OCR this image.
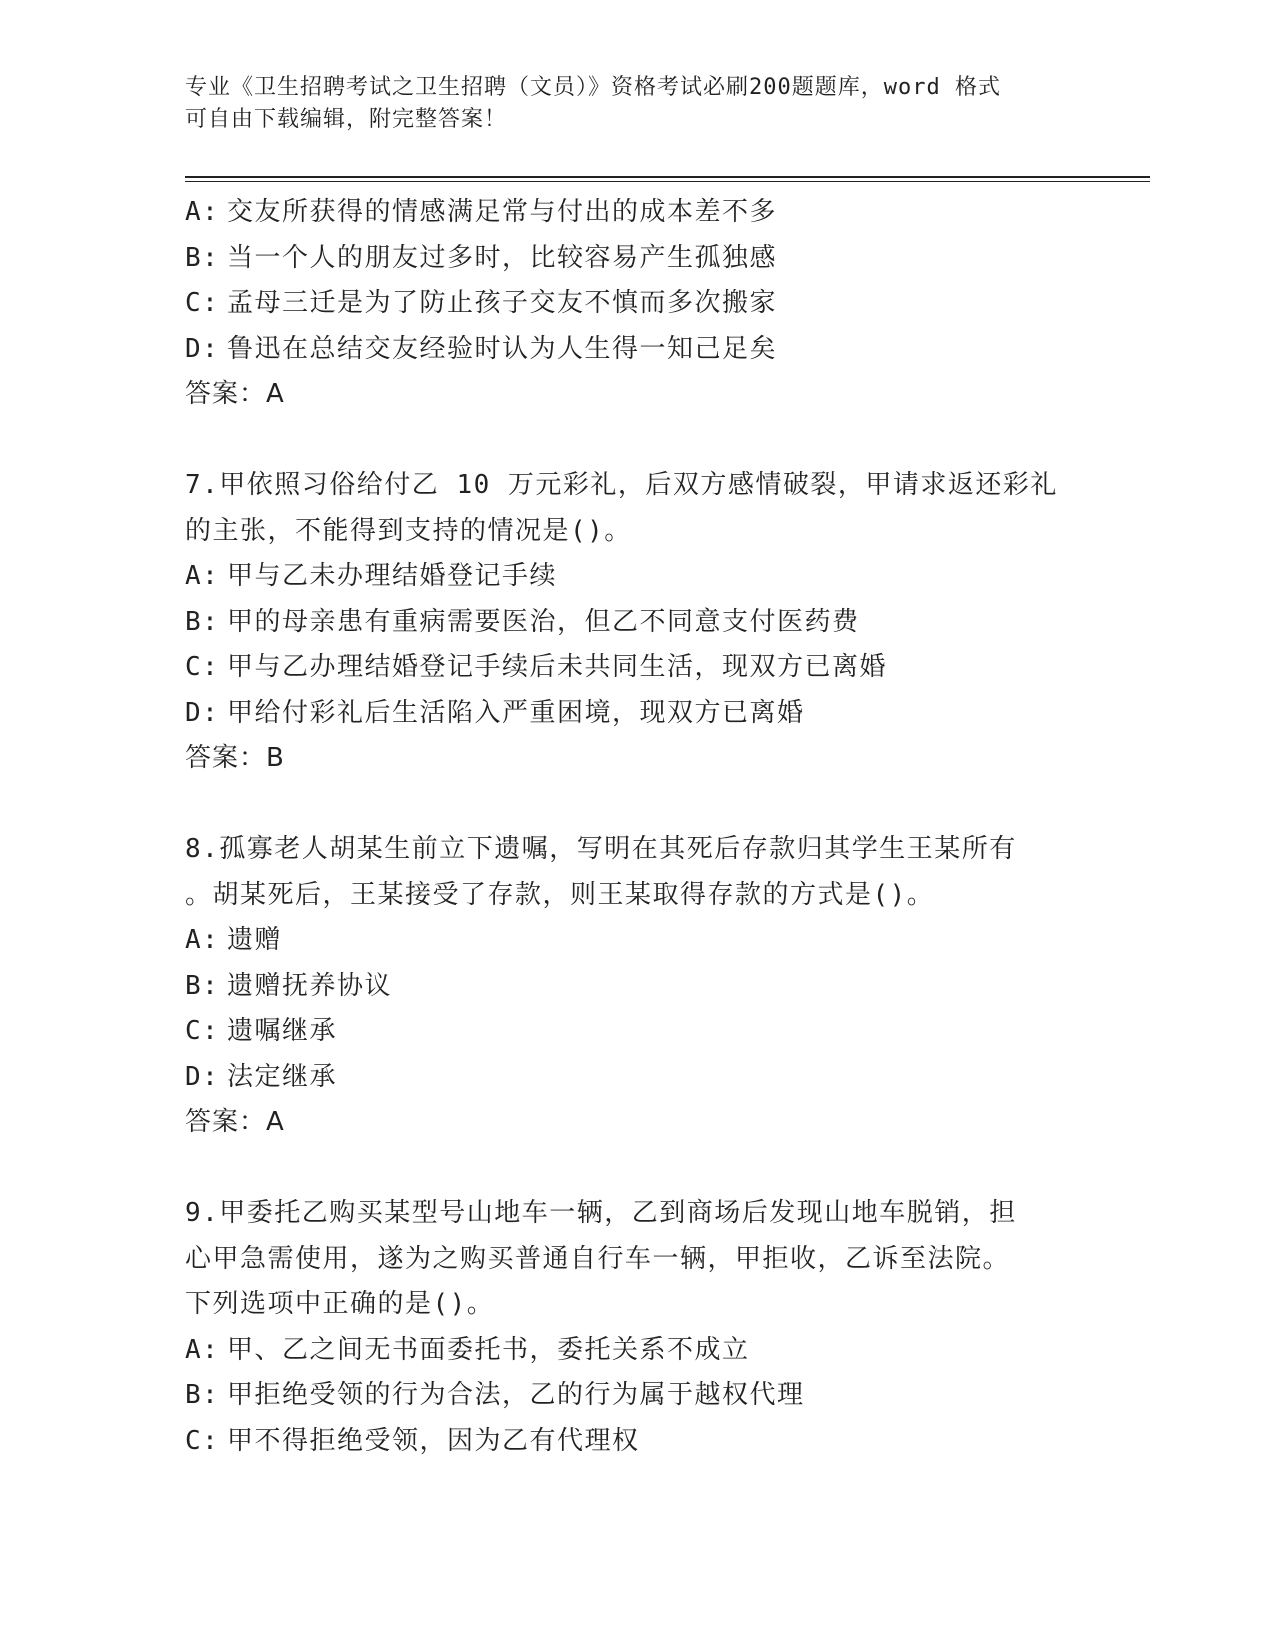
专业《卫生招聘考试之卫生招聘（文员）》资格考试必刷200题题库，word 格式
可自由下载编辑，附完整答案！
A: 交友所获得的情感满足常与付出的成本差不多
B: 当一个人的朋友过多时，比较容易产生孤独感
C: 孟母三迁是为了防止孩子交友不慎而多次搬家
D: 鲁迅在总结交友经验时认为人生得一知己足矣
答案：A
7.甲依照习俗给付乙 10 万元彩礼，后双方感情破裂，甲请求返还彩礼
的主张，不能得到支持的情况是()。
A: 甲与乙未办理结婚登记手续
B: 甲的母亲患有重病需要医治，但乙不同意支付医药费
C: 甲与乙办理结婚登记手续后未共同生活，现双方已离婚
D: 甲给付彩礼后生活陷入严重困境，现双方已离婚
答案：B
8.孤寡老人胡某生前立下遗嘱，写明在其死后存款归其学生王某所有
。胡某死后，王某接受了存款，则王某取得存款的方式是()。
A: 遗赠
B: 遗赠抚养协议
C: 遗嘱继承
D: 法定继承
答案：A
9.甲委托乙购买某型号山地车一辆，乙到商场后发现山地车脱销，担
心甲急需使用，遂为之购买普通自行车一辆，甲拒收，乙诉至法院。
下列选项中正确的是()。
A: 甲、乙之间无书面委托书，委托关系不成立
B: 甲拒绝受领的行为合法，乙的行为属于越权代理
C: 甲不得拒绝受领，因为乙有代理权
